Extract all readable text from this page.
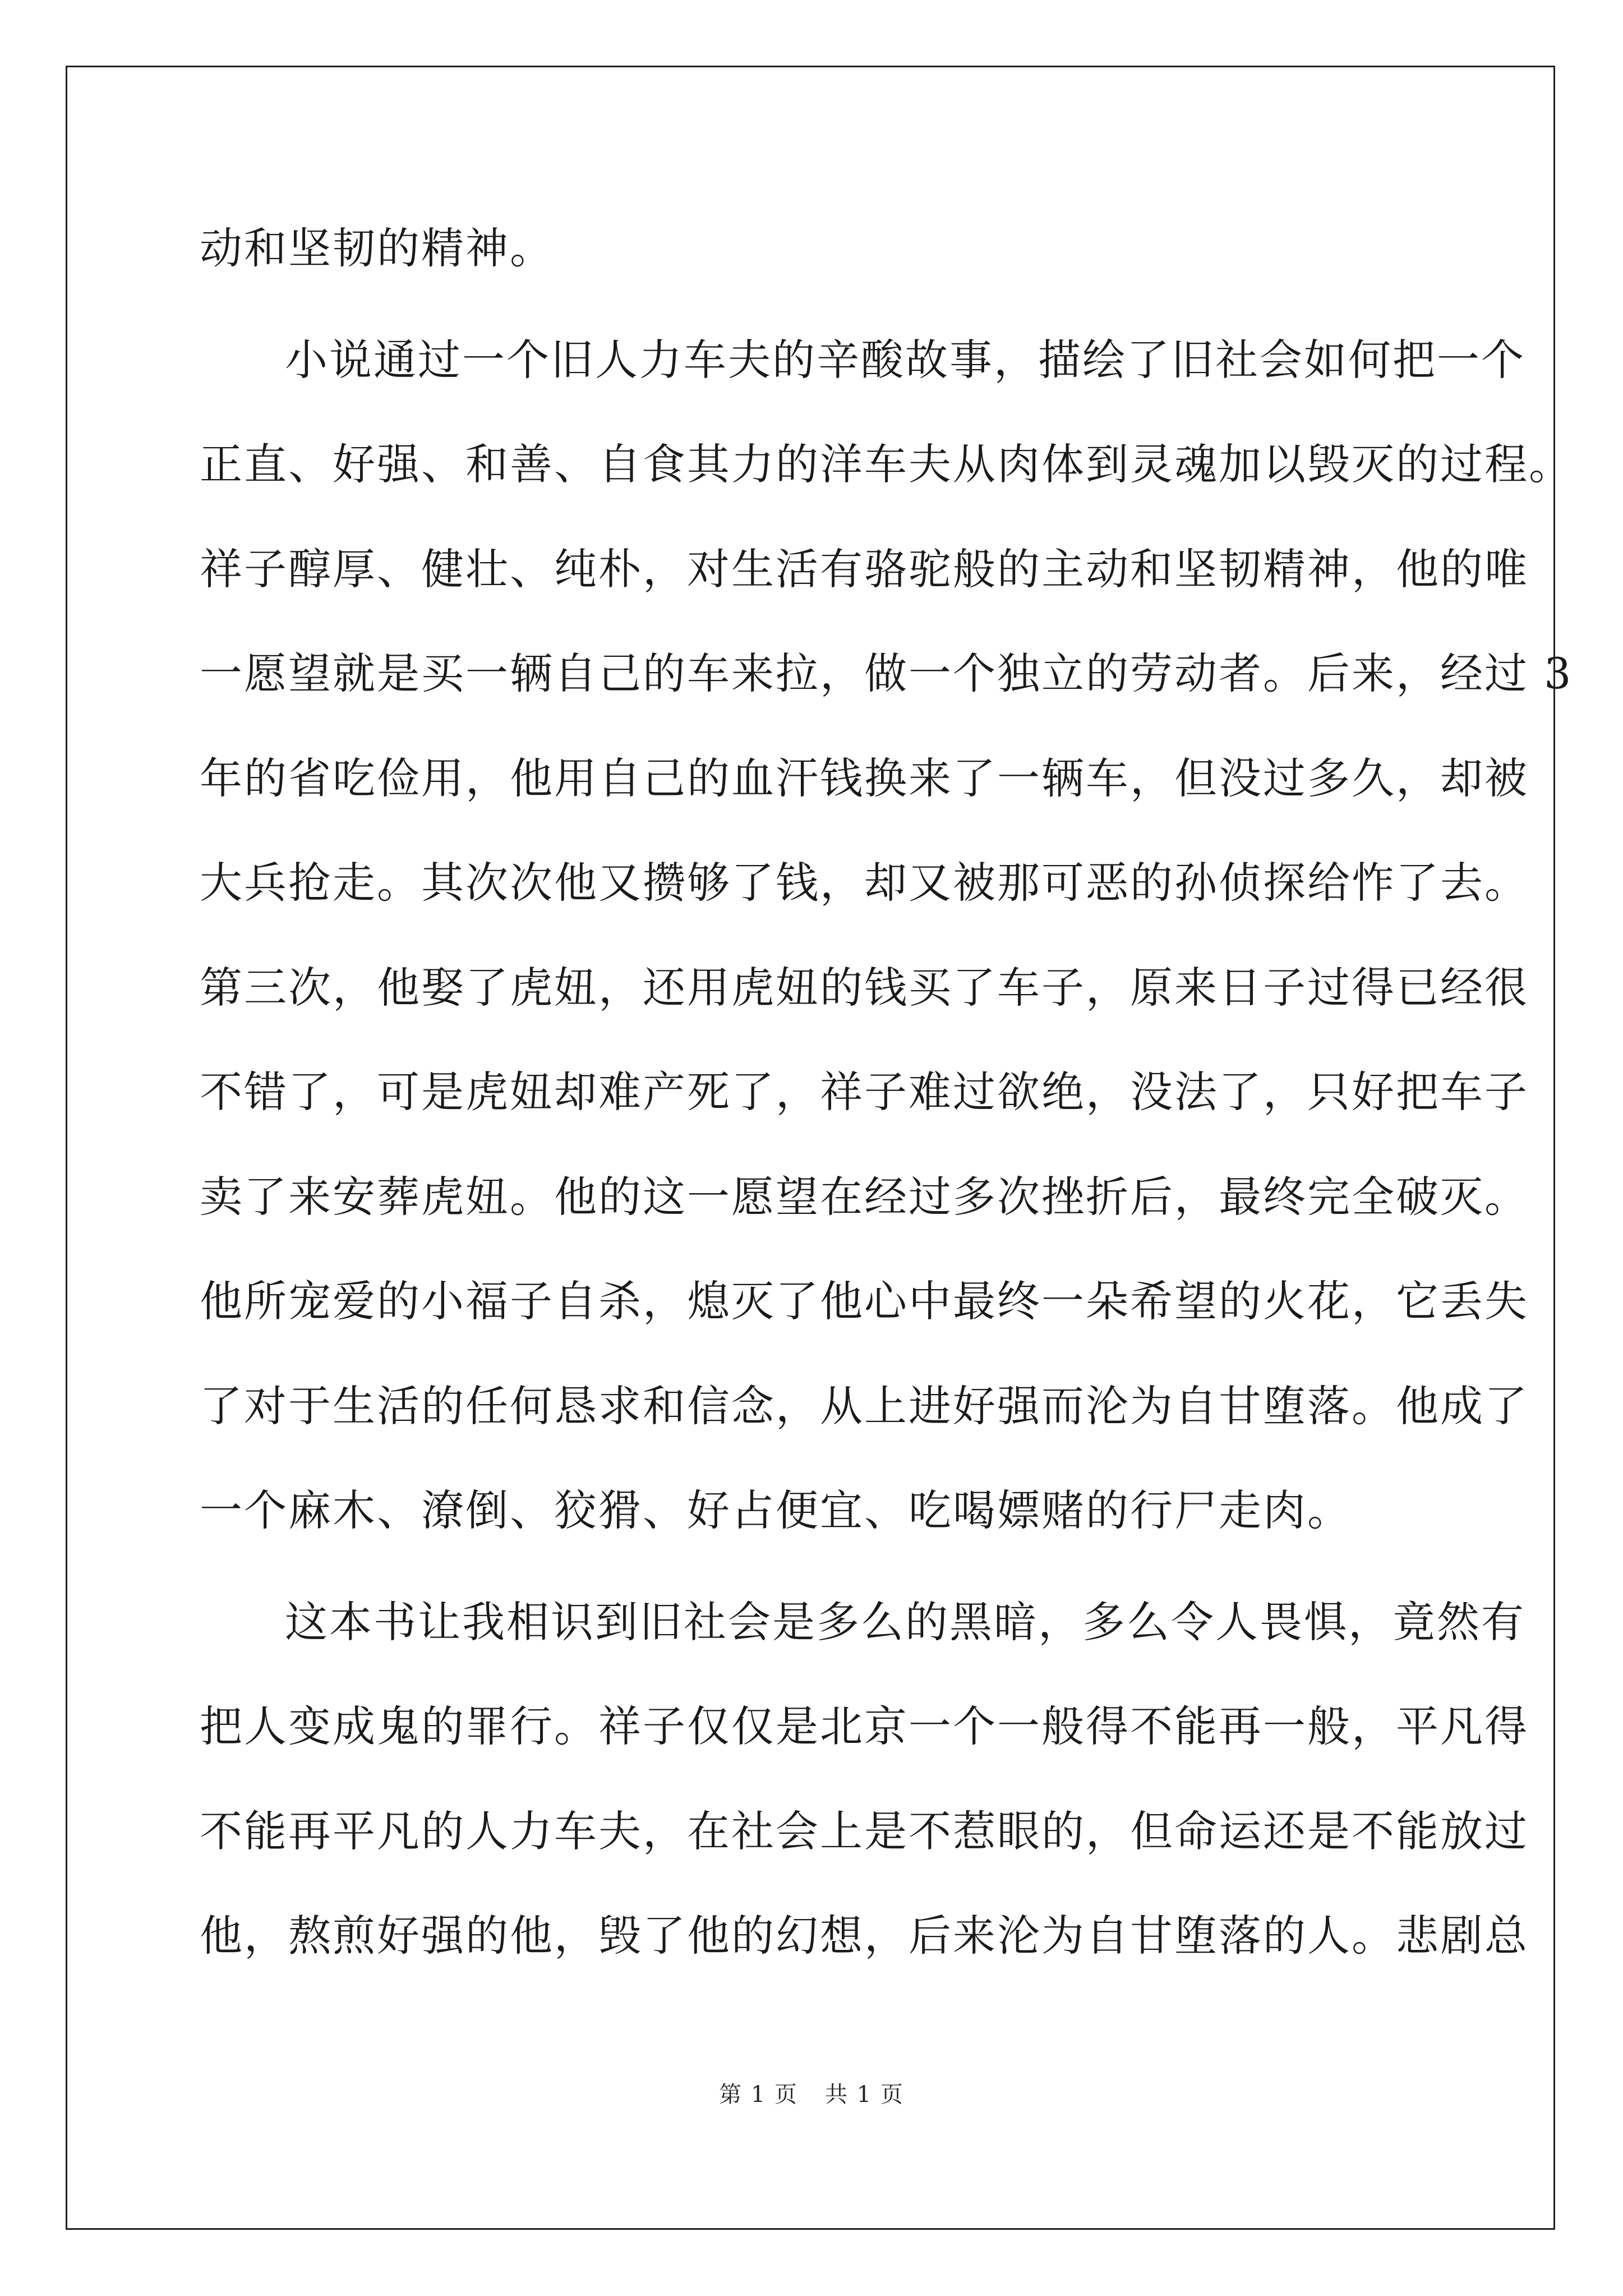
动和坚韧的精神。
小说通过一个旧人力车夫的辛酸故事，描绘了旧社会如何把一个
正直、好强、和善、自食其力的洋车夫从肉体到灵魂加以毁灭的过程。
祥子醇厚、健壮、纯朴，对生活有骆驼般的主动和坚韧精神，他的唯
一愿望就是买一辆自己的车来拉，做一个独立的劳动者。后来，经过 3
年的省吃俭用，他用自己的血汗钱换来了一辆车，但没过多久，却被
大兵抢走。其次次他又攒够了钱，却又被那可恶的孙侦探给怍了去。
第三次，他娶了虎妞，还用虎妞的钱买了车子，原来日子过得已经很
不错了，可是虎妞却难产死了，祥子难过欲绝，没法了，只好把车子
卖了来安葬虎妞。他的这一愿望在经过多次挫折后，最终完全破灭。
他所宠爱的小福子自杀，熄灭了他心中最终一朵希望的火花，它丢失
了对于生活的任何恳求和信念，从上进好强而沦为自甘堕落。他成了
一个麻木、潦倒、狡猾、好占便宜、吃喝嫖赌的行尸走肉。
这本书让我相识到旧社会是多么的黑暗，多么令人畏惧，竟然有
把人变成鬼的罪行。祥子仅仅是北京一个一般得不能再一般，平凡得
不能再平凡的人力车夫，在社会上是不惹眼的，但命运还是不能放过
他，熬煎好强的他，毁了他的幻想，后来沦为自甘堕落的人。悲剧总
第 1 页 共 1 页
